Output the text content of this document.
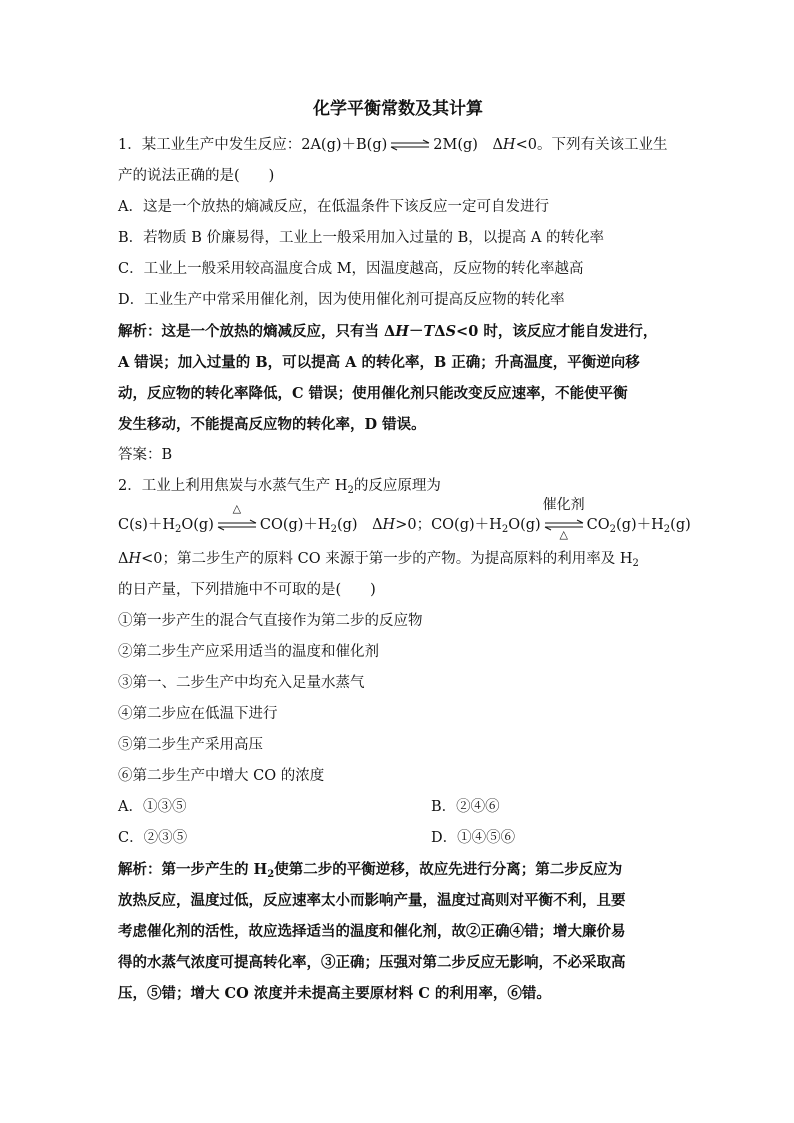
化学平衡常数及其计算
1．某工业生产中发生反应：2A(g)＋B(g) ⇌ 2M(g)　ΔH<0。下列有关该工业生
产的说法正确的是(　　)
A．这是一个放热的熵减反应，在低温条件下该反应一定可自发进行
B．若物质 B 价廉易得，工业上一般采用加入过量的 B，以提高 A 的转化率
C．工业上一般采用较高温度合成 M，因温度越高，反应物的转化率越高
D．工业生产中常采用催化剂，因为使用催化剂可提高反应物的转化率
解析：这是一个放热的熵减反应，只有当 ΔH－TΔS<0 时，该反应才能自发进行，
A 错误；加入过量的 B，可以提高 A 的转化率，B 正确；升高温度，平衡逆向移
动，反应物的转化率降低，C 错误；使用催化剂只能改变反应速率，不能使平衡
发生移动，不能提高反应物的转化率，D 错误。
答案：B
2．工业上利用焦炭与水蒸气生产 $H_2$的反应原理为
$C(s)+H_2O(g)$
△
$CO(g)+H_2(g)$　ΔH>0；$CO(g)+H_2O(g)$
催化剂
△
$CO_2(g)+H_2(g)$
ΔH<0；第二步生产的原料 CO 来源于第一步的产物。为提高原料的利用率及 $H_2$
的日产量，下列措施中不可取的是(　　)
①第一步产生的混合气直接作为第二步的反应物
②第二步生产应采用适当的温度和催化剂
③第一、二步生产中均充入足量水蒸气
④第二步应在低温下进行
⑤第二步生产采用高压
⑥第二步生产中增大 CO 的浓度
A．①③⑤	B．②④⑥
C．②③⑤	D．①④⑤⑥
解析：第一步产生的 $H_2$使第二步的平衡逆移，故应先进行分离；第二步反应为
放热反应，温度过低，反应速率太小而影响产量，温度过高则对平衡不利，且要
考虑催化剂的活性，故应选择适当的温度和催化剂，故②正确④错；增大廉价易
得的水蒸气浓度可提高转化率，③正确；压强对第二步反应无影响，不必采取高
压，⑤错；增大 CO 浓度并未提高主要原材料 C 的利用率，⑥错。
